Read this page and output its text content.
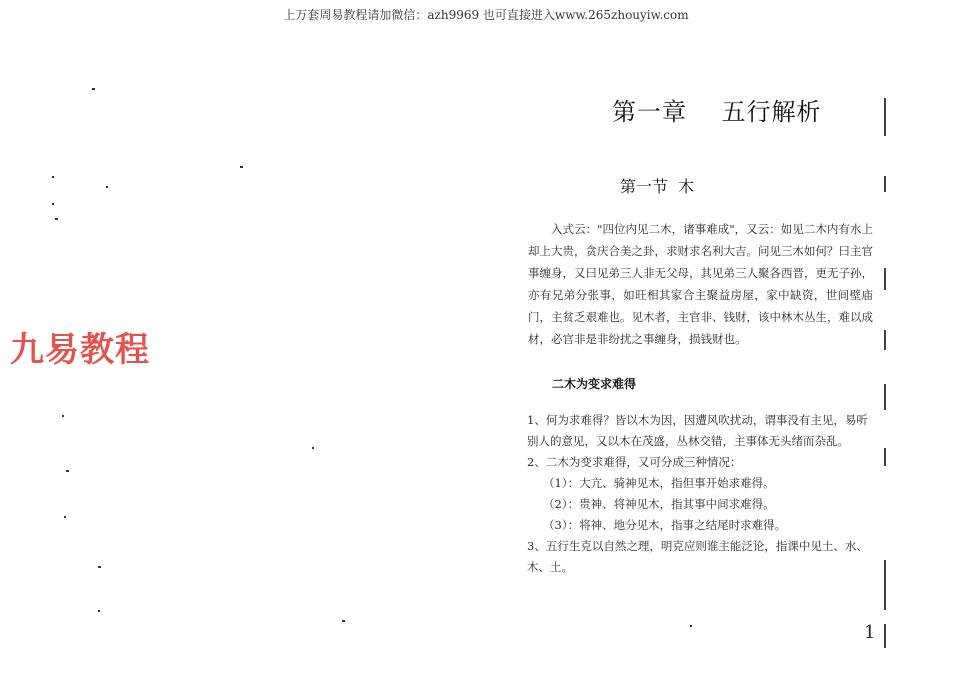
上万套周易教程请加微信：azh9969 也可直接进入www.265zhouyiw.com
九易教程
第一章    五行解析
第一节  木
入式云："四位内见二木，诸事难成"，又云：如见二木内有水上却上大贵，贪庆合美之卦，求财求名利大吉。问见三木如何？曰主官事缠身，又曰见弟三人非无父母，其见弟三人聚各西晋，更无子孙，亦有兄弟分张事，如旺相其家合主聚益房屋，家中缺资，世间壁庙门，主贫乏艰难也。见木者，主官非、钱财，该中林木丛生，难以成材，必官非是非纷扰之事缠身，损钱财也。
二木为变求难得

1、何为求难得？皆以木为因，因遭风吹扰动，谓事没有主见，易听别人的意见，又以木在茂盛，丛林交错，主事体无头绪而杂乱。

2、二木为变求难得，又可分成三种情况：

（1）：大亢、骑神见木，指但事开始求难得。

（2）：贵神、将神见木，指其事中间求难得。

（3）：将神、地分见木，指事之结尾时求难得。

3、五行生克以自然之理，明克应则谁主能泛论，指课中见土、水、木、土。

1
